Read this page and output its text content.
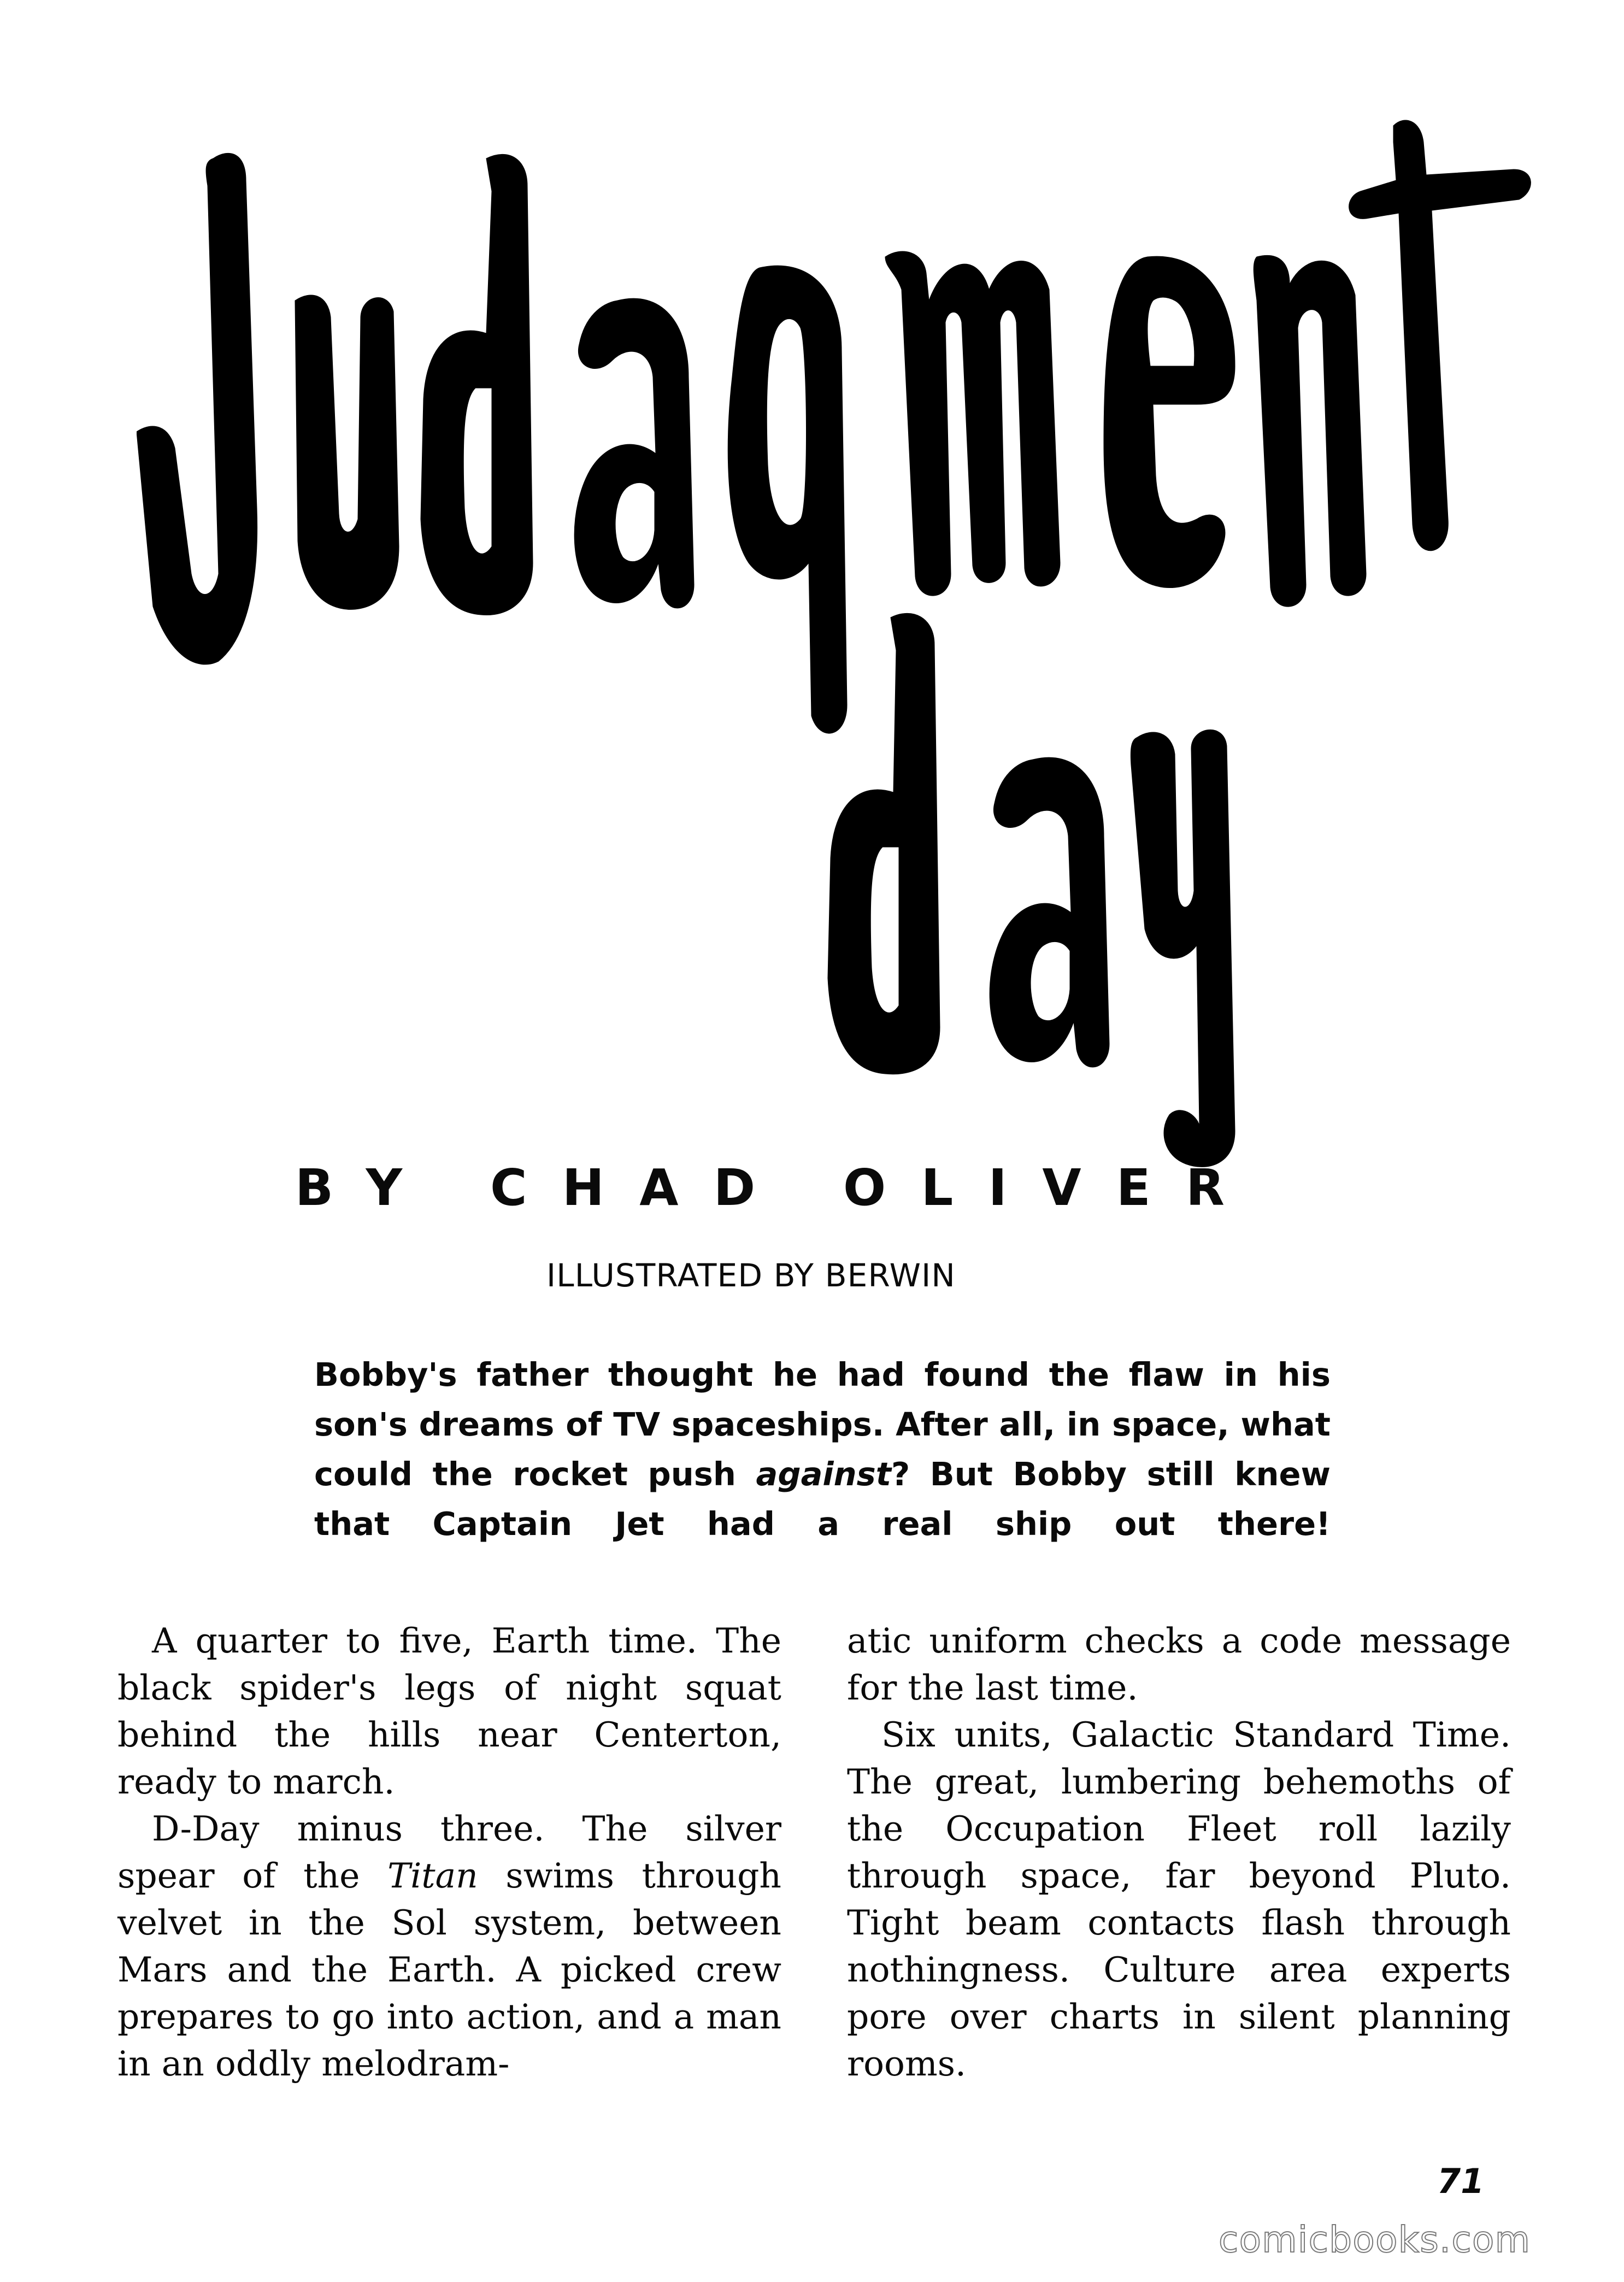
BY CHAD OLIVER
ILLUSTRATED BY BERWIN

Bobby's father thought he had found the flaw in his son's dreams of TV spaceships. After all, in space, what could the rocket push against? But Bobby still knew that Captain Jet had a real ship out there!

A quarter to five, Earth time. The black spider's legs of night squat behind the hills near Centerton, ready to march.

D-Day minus three. The silver spear of the Titan swims through velvet in the Sol system, between Mars and the Earth. A picked crew prepares to go into action, and a man in an oddly melodram-

atic uniform checks a code message for the last time.

Six units, Galactic Standard Time. The great, lumbering behemoths of the Occupation Fleet roll lazily through space, far beyond Pluto. Tight beam contacts flash through nothingness. Culture area experts pore over charts in silent planning rooms.

71
comicbooks.com
